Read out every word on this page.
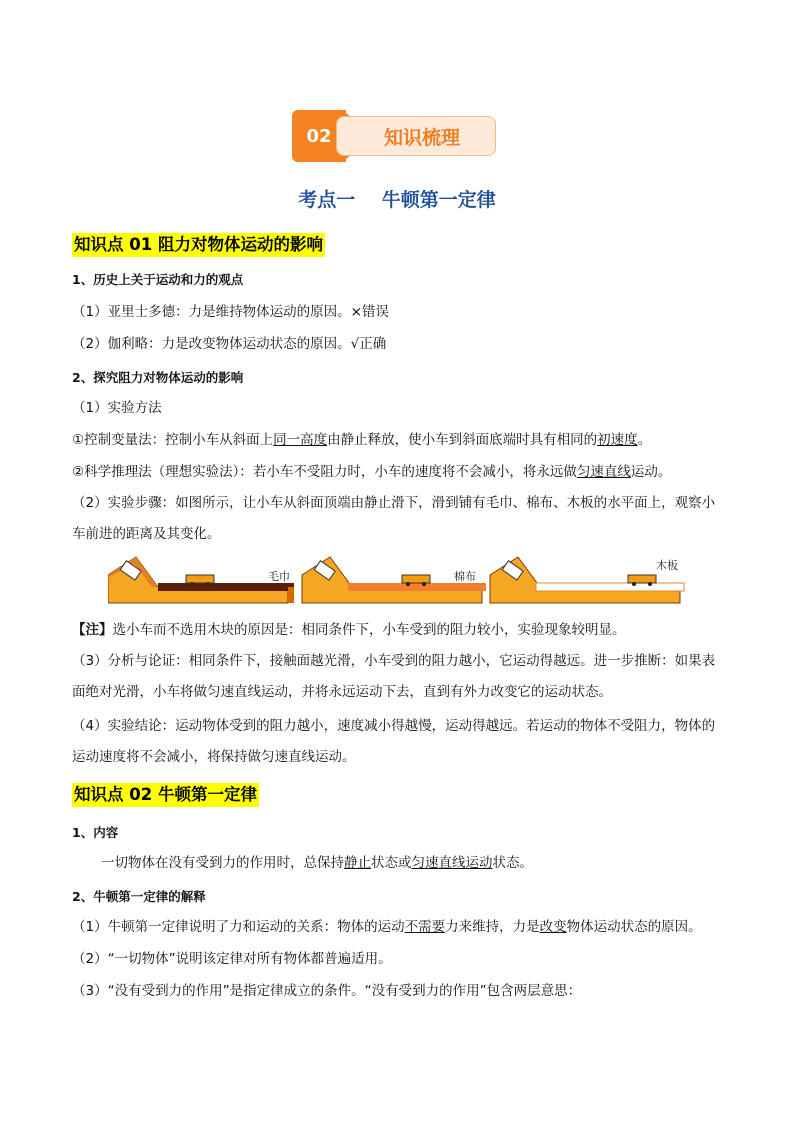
02	知识梳理
考点一    牛顿第一定律
知识点 01 阻力对物体运动的影响
1、历史上关于运动和力的观点
（1）亚里士多德：力是维持物体运动的原因。×错误
（2）伽利略：力是改变物体运动状态的原因。√正确
2、探究阻力对物体运动的影响
（1）实验方法
①控制变量法：控制小车从斜面上同一高度由静止释放，使小车到斜面底端时具有相同的初速度。
②科学推理法（理想实验法）：若小车不受阻力时，小车的速度将不会减小，将永远做匀速直线运动。
（2）实验步骤：如图所示，让小车从斜面顶端由静止滑下，滑到铺有毛巾、棉布、木板的水平面上，观察小车前进的距离及其变化。
毛巾	棉布
木板
【注】选小车而不选用木块的原因是：相同条件下，小车受到的阻力较小，实验现象较明显。
（3）分析与论证：相同条件下，接触面越光滑，小车受到的阻力越小，它运动得越远。进一步推断：如果表面绝对光滑，小车将做匀速直线运动，并将永远运动下去，直到有外力改变它的运动状态。
（4）实验结论：运动物体受到的阻力越小，速度减小得越慢，运动得越远。若运动的物体不受阻力，物体的运动速度将不会减小，将保持做匀速直线运动。
知识点 02 牛顿第一定律
1、内容
一切物体在没有受到力的作用时，总保持静止状态或匀速直线运动状态。
2、牛顿第一定律的解释
（1）牛顿第一定律说明了力和运动的关系：物体的运动不需要力来维持，力是改变物体运动状态的原因。
（2）“一切物体”说明该定律对所有物体都普遍适用。
（3）“没有受到力的作用”是指定律成立的条件。“没有受到力的作用”包含两层意思：
